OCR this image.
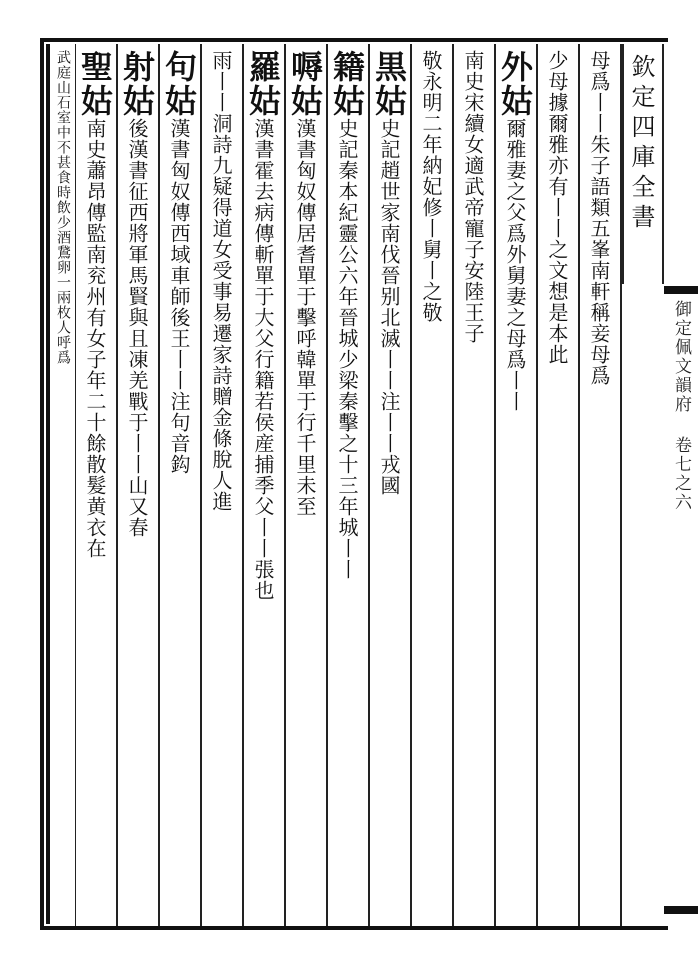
欽定四庫全書
御定佩文韻府 卷七之六
母爲丨丨朱子語類五峯南軒稱妾母爲
少母據爾雅亦有丨丨之文想是本此
外姑爾雅妻之父爲外舅妻之母爲丨丨
南史宋續女適武帝寵子安陸王子
敬永明二年納妃修丨舅丨之敬
黒姑史記趙世家南伐晉别北滅丨丨注丨丨戎國
籍姑史記秦本紀靈公六年晉城少梁秦擊之十三年城丨丨
嗕姑漢書匈奴傳居耆單于擊呼韓單于行千里未至
羅姑漢書霍去病傳斬單于大父行籍若侯産捕季父丨丨張也
雨丨丨洞詩九疑得道女受事易遷家詩贈金條脫人進
句姑漢書匈奴傳西域車師後王丨丨注句音鈎
射姑後漢書征西將軍馬賢與且凍羌戰于丨丨山又春
聖姑南史蕭昂傳監南兖州有女子年二十餘散髮黄衣在
武庭山石室中不甚食時飲少酒鵞卵一兩枚人呼爲
